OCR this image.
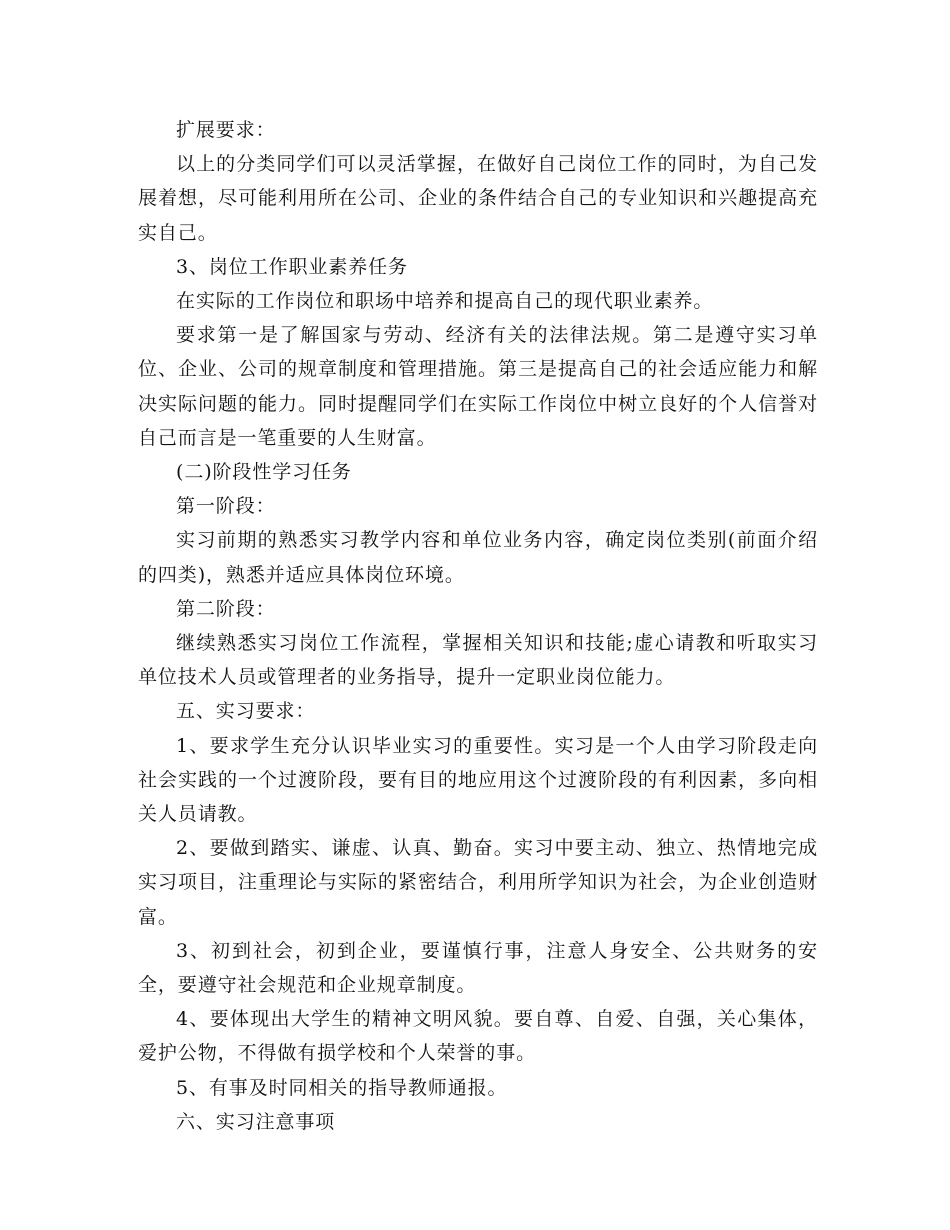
扩展要求：

以上的分类同学们可以灵活掌握，在做好自己岗位工作的同时，为自己发展着想，尽可能利用所在公司、企业的条件结合自己的专业知识和兴趣提高充实自己。

3、岗位工作职业素养任务

在实际的工作岗位和职场中培养和提高自己的现代职业素养。

要求第一是了解国家与劳动、经济有关的法律法规。第二是遵守实习单位、企业、公司的规章制度和管理措施。第三是提高自己的社会适应能力和解决实际问题的能力。同时提醒同学们在实际工作岗位中树立良好的个人信誉对自己而言是一笔重要的人生财富。

(二)阶段性学习任务

第一阶段：

实习前期的熟悉实习教学内容和单位业务内容，确定岗位类别(前面介绍的四类)，熟悉并适应具体岗位环境。

第二阶段：

继续熟悉实习岗位工作流程，掌握相关知识和技能;虚心请教和听取实习单位技术人员或管理者的业务指导，提升一定职业岗位能力。

五、实习要求：

1、要求学生充分认识毕业实习的重要性。实习是一个人由学习阶段走向社会实践的一个过渡阶段，要有目的地应用这个过渡阶段的有利因素，多向相关人员请教。

2、要做到踏实、谦虚、认真、勤奋。实习中要主动、独立、热情地完成实习项目，注重理论与实际的紧密结合，利用所学知识为社会，为企业创造财富。

3、初到社会，初到企业，要谨慎行事，注意人身安全、公共财务的安全，要遵守社会规范和企业规章制度。

4、要体现出大学生的精神文明风貌。要自尊、自爱、自强，关心集体，爱护公物，不得做有损学校和个人荣誉的事。

5、有事及时同相关的指导教师通报。

六、实习注意事项
